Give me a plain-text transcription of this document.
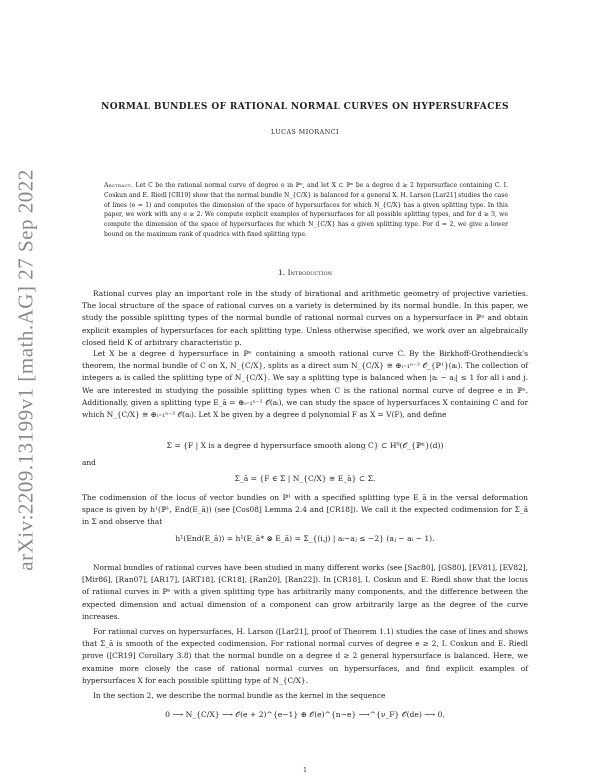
arXiv:2209.13199v1 [math.AG] 27 Sep 2022
NORMAL BUNDLES OF RATIONAL NORMAL CURVES ON HYPERSURFACES
LUCAS MIORANCI
Abstract. Let C be the rational normal curve of degree e in ℙⁿ, and let X ⊂ ℙⁿ be a degree d ≥ 2 hypersurface containing C. I. Coskun and E. Riedl [CR19] show that the normal bundle N_{C/X} is balanced for a general X. H. Larson [Lar21] studies the case of lines (e = 1) and computes the dimension of the space of hypersurfaces for which N_{C/X} has a given splitting type. In this paper, we work with any e ≥ 2. We compute explicit examples of hypersurfaces for all possible splitting types, and for d ≥ 3, we compute the dimension of the space of hypersurfaces for which N_{C/X} has a given splitting type. For d = 2, we give a lower bound on the maximum rank of quadrics with fixed splitting type.
1. Introduction
Rational curves play an important role in the study of birational and arithmetic geometry of projective varieties. The local structure of the space of rational curves on a variety is determined by its normal bundle. In this paper, we study the possible splitting types of the normal bundle of rational normal curves on a hypersurface in ℙⁿ and obtain explicit examples of hypersurfaces for each splitting type. Unless otherwise specified, we work over an algebraically closed field K of arbitrary characteristic p.
Let X be a degree d hypersurface in ℙⁿ containing a smooth rational curve C. By the Birkhoff-Grothendieck's theorem, the normal bundle of C on X, N_{C/X}, splits as a direct sum N_{C/X} ≅ ⊕ᵢ₌₁ⁿ⁻² 𝒪_{ℙ¹}(aᵢ). The collection of integers aᵢ is called the splitting type of N_{C/X}. We say a splitting type is balanced when |aᵢ − aⱼ| ≤ 1 for all i and j. We are interested in studying the possible splitting types when C is the rational normal curve of degree e in ℙⁿ. Additionally, given a splitting type E_ā = ⊕ᵢ₌₁ⁿ⁻² 𝒪(aᵢ), we can study the space of hypersurfaces X containing C and for which N_{C/X} ≅ ⊕ᵢ₌₁ⁿ⁻² 𝒪(aᵢ). Let X be given by a degree d polynomial F as X = V(F), and define
Σ = {F | X is a degree d hypersurface smooth along C} ⊂ H⁰(𝒪_{ℙⁿ}(d))
and
Σ_ā = {F ∈ Σ | N_{C/X} ≅ E_ā} ⊂ Σ.
The codimension of the locus of vector bundles on ℙ¹ with a specified splitting type E_ā in the versal deformation space is given by h¹(ℙ¹, End(E_ā)) (see [Cos08] Lemma 2.4 and [CR18]). We call it the expected codimension for Σ_ā in Σ and observe that
h¹(End(E_ā)) = h¹(E_ā* ⊗ E_ā) = Σ_{(i,j) | aᵢ−aⱼ ≤ −2} (aⱼ − aᵢ − 1).
Normal bundles of rational curves have been studied in many different works (see [Sac80], [GS80], [EV81], [EV82], [Mir86], [Ran07], [AR17], [ART18], [CR18], [Ran20], [Ran22]). In [CR18], I. Coskun and E. Riedl show that the locus of rational curves in ℙⁿ with a given splitting type has arbitrarily many components, and the difference between the expected dimension and actual dimension of a component can grow arbitrarily large as the degree of the curve increases.
For rational curves on hypersurfaces, H. Larson ([Lar21], proof of Theorem 1.1) studies the case of lines and shows that Σ_ā is smooth of the expected codimension. For rational normal curves of degree e ≥ 2, I. Coskun and E. Riedl prove ([CR19] Corollary 3.8) that the normal bundle on a degree d ≥ 2 general hypersurface is balanced. Here, we examine more closely the case of rational normal curves on hypersurfaces, and find explicit examples of hypersurfaces X for each possible splitting type of N_{C/X}.
In the section 2, we describe the normal bundle as the kernel in the sequence
0 ⟶ N_{C/X} ⟶ 𝒪(e + 2)^{e−1} ⊕ 𝒪(e)^{n−e} ⟶^{ν_F} 𝒪(de) ⟶ 0,
1
